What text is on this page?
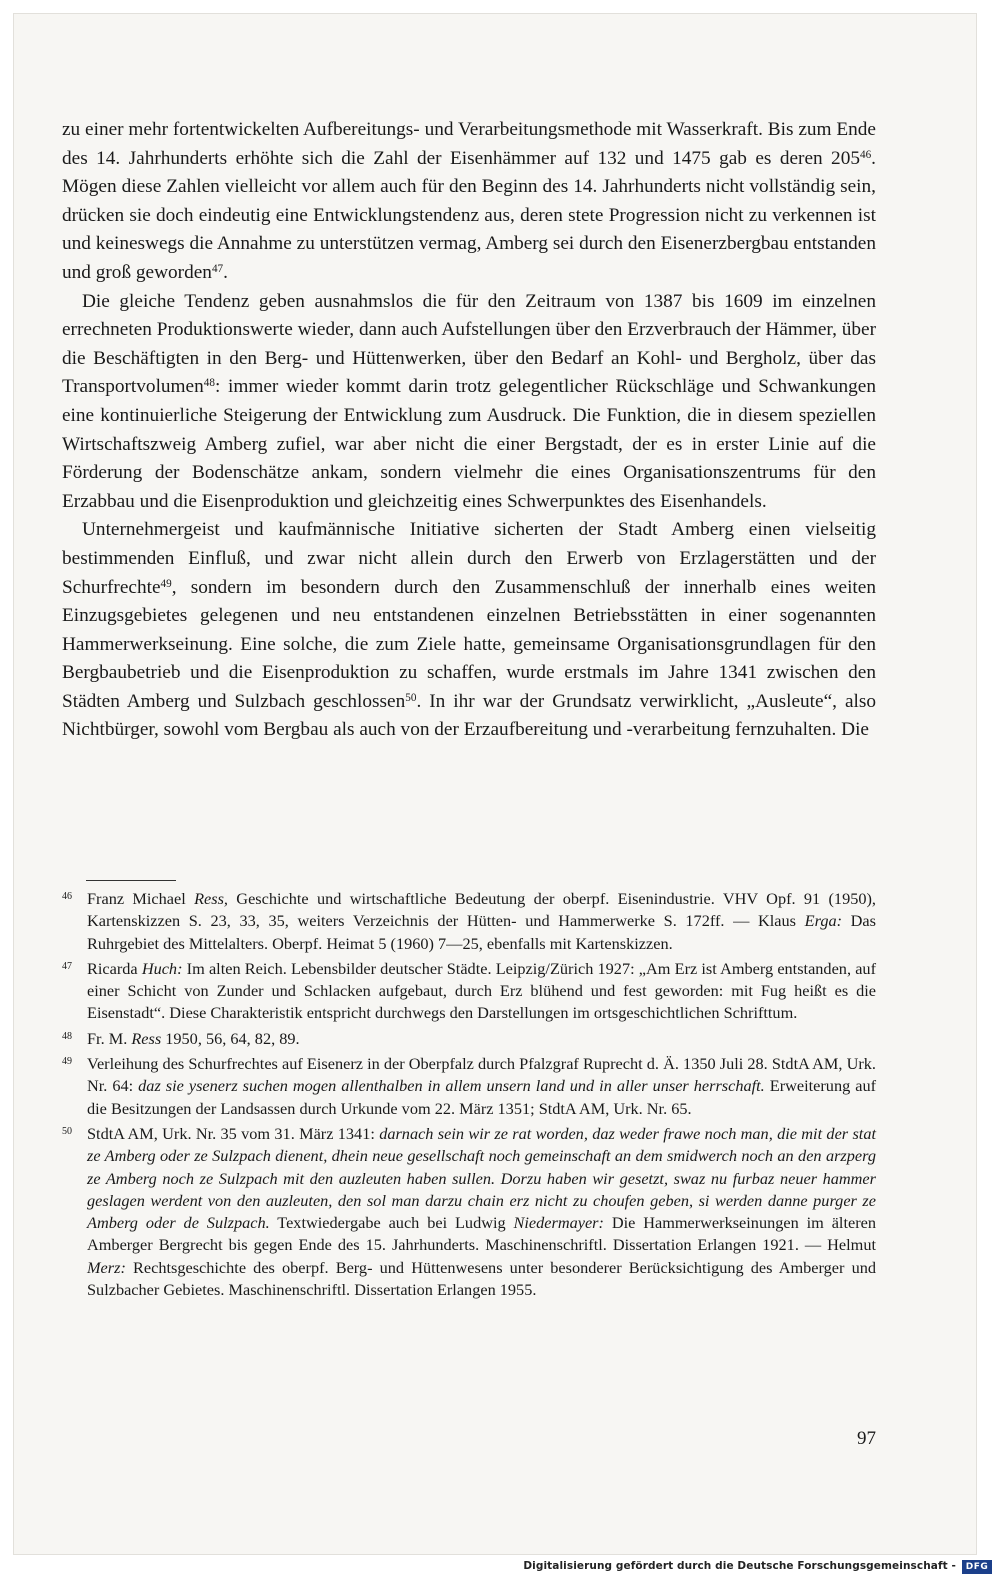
zu einer mehr fortentwickelten Aufbereitungs- und Verarbeitungsmethode mit Wasserkraft. Bis zum Ende des 14. Jahrhunderts erhöhte sich die Zahl der Eisenhämmer auf 132 und 1475 gab es deren $205^{46}$. Mögen diese Zahlen vielleicht vor allem auch für den Beginn des 14. Jahrhunderts nicht vollständig sein, drücken sie doch eindeutig eine Entwicklungstendenz aus, deren stete Progression nicht zu verkennen ist und keineswegs die Annahme zu unterstützen vermag, Amberg sei durch den Eisenerzbergbau entstanden und groß geworden$^{47}$.

Die gleiche Tendenz geben ausnahmslos die für den Zeitraum von 1387 bis 1609 im einzelnen errechneten Produktionswerte wieder, dann auch Aufstellungen über den Erzverbrauch der Hämmer, über die Beschäftigten in den Berg- und Hüttenwerken, über den Bedarf an Kohl- und Bergholz, über das Transportvolumen$^{48}$: immer wieder kommt darin trotz gelegentlicher Rückschläge und Schwankungen eine kontinuierliche Steigerung der Entwicklung zum Ausdruck. Die Funktion, die in diesem speziellen Wirtschaftszweig Amberg zufiel, war aber nicht die einer Bergstadt, der es in erster Linie auf die Förderung der Bodenschätze ankam, sondern vielmehr die eines Organisationszentrums für den Erzabbau und die Eisenproduktion und gleichzeitig eines Schwerpunktes des Eisenhandels.

Unternehmergeist und kaufmännische Initiative sicherten der Stadt Amberg einen vielseitig bestimmenden Einfluß, und zwar nicht allein durch den Erwerb von Erzlagerstätten und der Schurfrechte$^{49}$, sondern im besondern durch den Zusammenschluß der innerhalb eines weiten Einzugsgebietes gelegenen und neu entstandenen einzelnen Betriebsstätten in einer sogenannten Hammerwerkseinung. Eine solche, die zum Ziele hatte, gemeinsame Organisationsgrundlagen für den Bergbaubetrieb und die Eisenproduktion zu schaffen, wurde erstmals im Jahre 1341 zwischen den Städten Amberg und Sulzbach geschlossen$^{50}$. In ihr war der Grundsatz verwirklicht, „Ausleute“, also Nichtbürger, sowohl vom Bergbau als auch von der Erzaufbereitung und -verarbeitung fernzuhalten. Die

46 Franz Michael Ress, Geschichte und wirtschaftliche Bedeutung der oberpf. Eisenindustrie. VHV Opf. 91 (1950), Kartenskizzen S. 23, 33, 35, weiters Verzeichnis der Hütten- und Hammerwerke S. 172ff. — Klaus Erga: Das Ruhrgebiet des Mittelalters. Oberpf. Heimat 5 (1960) 7—25, ebenfalls mit Kartenskizzen.
47 Ricarda Huch: Im alten Reich. Lebensbilder deutscher Städte. Leipzig/Zürich 1927: „Am Erz ist Amberg entstanden, auf einer Schicht von Zunder und Schlacken aufgebaut, durch Erz blühend und fest geworden: mit Fug heißt es die Eisenstadt“. Diese Charakteristik entspricht durchwegs den Darstellungen im ortsgeschichtlichen Schrifttum.
48 Fr. M. Ress 1950, 56, 64, 82, 89.
49 Verleihung des Schurfrechtes auf Eisenerz in der Oberpfalz durch Pfalzgraf Ruprecht d. Ä. 1350 Juli 28. StdtA AM, Urk. Nr. 64: daz sie ysenerz suchen mogen allenthalben in allem unsern land und in aller unser herrschaft. Erweiterung auf die Besitzungen der Landsassen durch Urkunde vom 22. März 1351; StdtA AM, Urk. Nr. 65.
50 StdtA AM, Urk. Nr. 35 vom 31. März 1341: darnach sein wir ze rat worden, daz weder frawe noch man, die mit der stat ze Amberg oder ze Sulzpach dienent, dhein neue gesellschaft noch gemeinschaft an dem smidwerch noch an den arzperg ze Amberg noch ze Sulzpach mit den auzleuten haben sullen. Dorzu haben wir gesetzt, swaz nu furbaz neuer hammer geslagen werdent von den auzleuten, den sol man darzu chain erz nicht zu choufen geben, si werden danne purger ze Amberg oder de Sulzpach. Textwiedergabe auch bei Ludwig Niedermayer: Die Hammerwerkseinungen im älteren Amberger Bergrecht bis gegen Ende des 15. Jahrhunderts. Maschinenschriftl. Dissertation Erlangen 1921. — Helmut Merz: Rechtsgeschichte des oberpf. Berg- und Hüttenwesens unter besonderer Berücksichtigung des Amberger und Sulzbacher Gebietes. Maschinenschriftl. Dissertation Erlangen 1955.
97
Digitalisierung gefördert durch die Deutsche Forschungsgemeinschaft -	DFG
